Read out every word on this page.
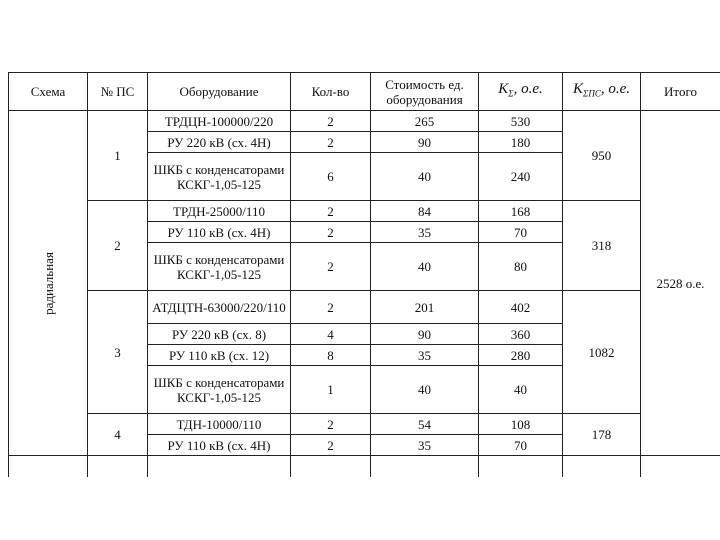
Схема	№ ПС	Оборудование	Кол-во	Стоимость ед. оборудования	$K_\Sigma$, о.е.	$K_{\Sigma ПС}$, о.е.	Итого
радиальная	1	ТРДЦН-100000/220	2	265	530	950	2528 о.е.
		РУ 220 кВ (сх. 4Н)	2	90	180		
		ШКБ с конденсаторами КСКГ-1,05-125	6	40	240		
	2	ТРДН-25000/110	2	84	168	318	
		РУ 110 кВ (сх. 4Н)	2	35	70		
		ШКБ с конденсаторами КСКГ-1,05-125	2	40	80		
	3	АТДЦТН-63000/220/110	2	201	402	1082	
		РУ 220 кВ (сх. 8)	4	90	360		
		РУ 110 кВ (сх. 12)	8	35	280		
		ШКБ с конденсаторами КСКГ-1,05-125	1	40	40		
	4	ТДН-10000/110	2	54	108	178	
		РУ 110 кВ (сх. 4Н)	2	35	70		
